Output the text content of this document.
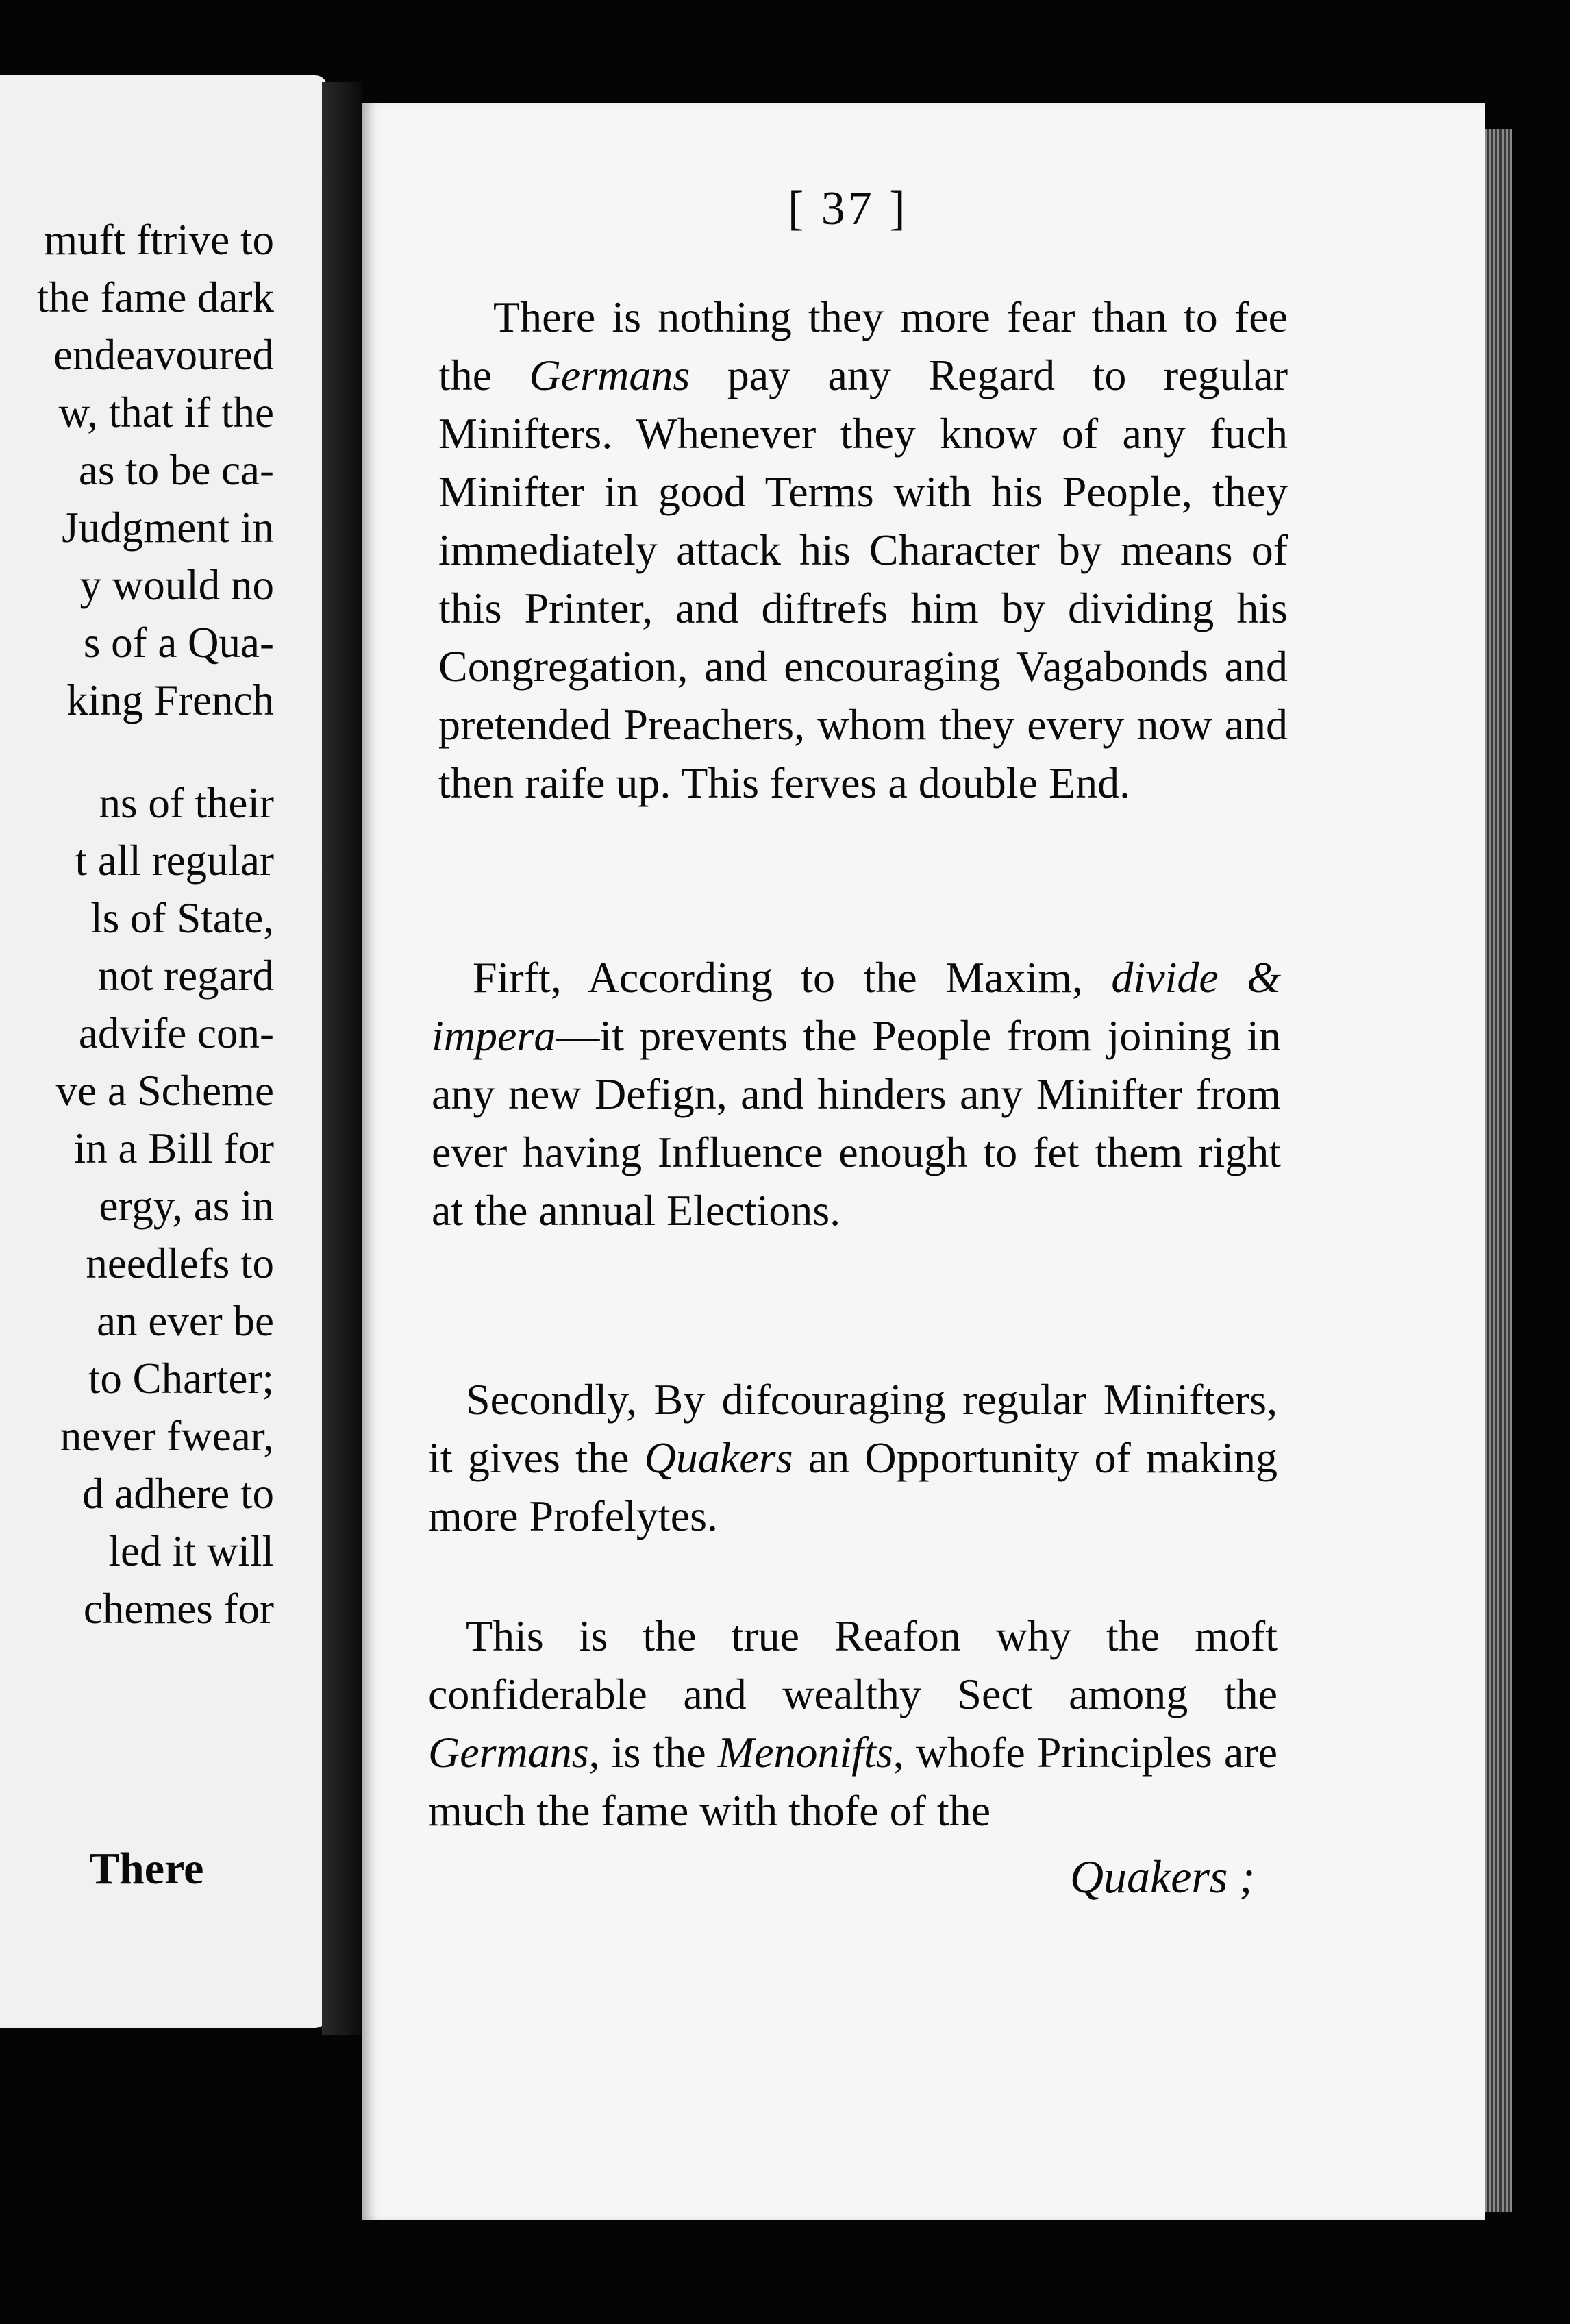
muft ftrive to
the fame dark
endeavoured
w, that if the
as to be ca-
Judgment in
y would no
s of a Qua-
king French
ns of their
t all regular
ls of State,
not regard
advife con-
ve a Scheme
in a Bill for
ergy, as in
needlefs to
an ever be
to Charter;
never fwear,
d adhere to
led it will
chemes for
There
[ 37 ]
There is nothing they more fear than to fee the Germans pay any Regard to regular Minifters. Whenever they know of any fuch Minifter in good Terms with his People, they immediately attack his Character by means of this Printer, and diftrefs him by dividing his Congregation, and encouraging Vagabonds and pretended Preachers, whom they every now and then raife up. This ferves a double End.
Firft, According to the Maxim, divide & impera—it prevents the People from joining in any new Defign, and hinders any Minifter from ever having Influence enough to fet them right at the annual Elections.
Secondly, By difcouraging regular Minifters, it gives the Quakers an Opportunity of making more Profelytes.
This is the true Reafon why the moft confiderable and wealthy Sect among the Germans, is the Menonifts, whofe Principles are much the fame with thofe of the
Quakers ;
